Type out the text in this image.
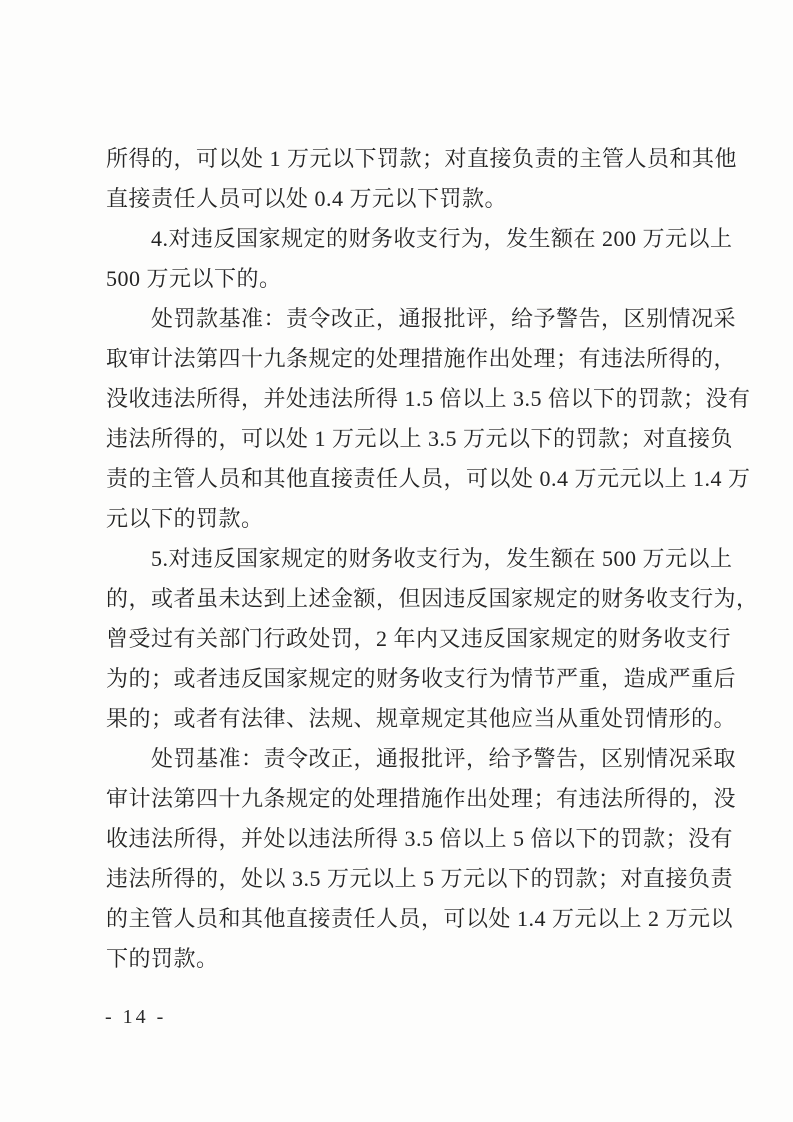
所得的，可以处 1 万元以下罚款；对直接负责的主管人员和其他
直接责任人员可以处 0.4 万元以下罚款。
4.对违反国家规定的财务收支行为，发生额在 200 万元以上
500 万元以下的。
处罚款基准：责令改正，通报批评，给予警告，区别情况采
取审计法第四十九条规定的处理措施作出处理；有违法所得的，
没收违法所得，并处违法所得 1.5 倍以上 3.5 倍以下的罚款；没有
违法所得的，可以处 1 万元以上 3.5 万元以下的罚款；对直接负
责的主管人员和其他直接责任人员，可以处 0.4 万元元以上 1.4 万
元以下的罚款。
5.对违反国家规定的财务收支行为，发生额在 500 万元以上
的，或者虽未达到上述金额，但因违反国家规定的财务收支行为，
曾受过有关部门行政处罚，2 年内又违反国家规定的财务收支行
为的；或者违反国家规定的财务收支行为情节严重，造成严重后
果的；或者有法律、法规、规章规定其他应当从重处罚情形的。
处罚基准：责令改正，通报批评，给予警告，区别情况采取
审计法第四十九条规定的处理措施作出处理；有违法所得的，没
收违法所得，并处以违法所得 3.5 倍以上 5 倍以下的罚款；没有
违法所得的，处以 3.5 万元以上 5 万元以下的罚款；对直接负责
的主管人员和其他直接责任人员，可以处 1.4 万元以上 2 万元以
下的罚款。
- 14 -
